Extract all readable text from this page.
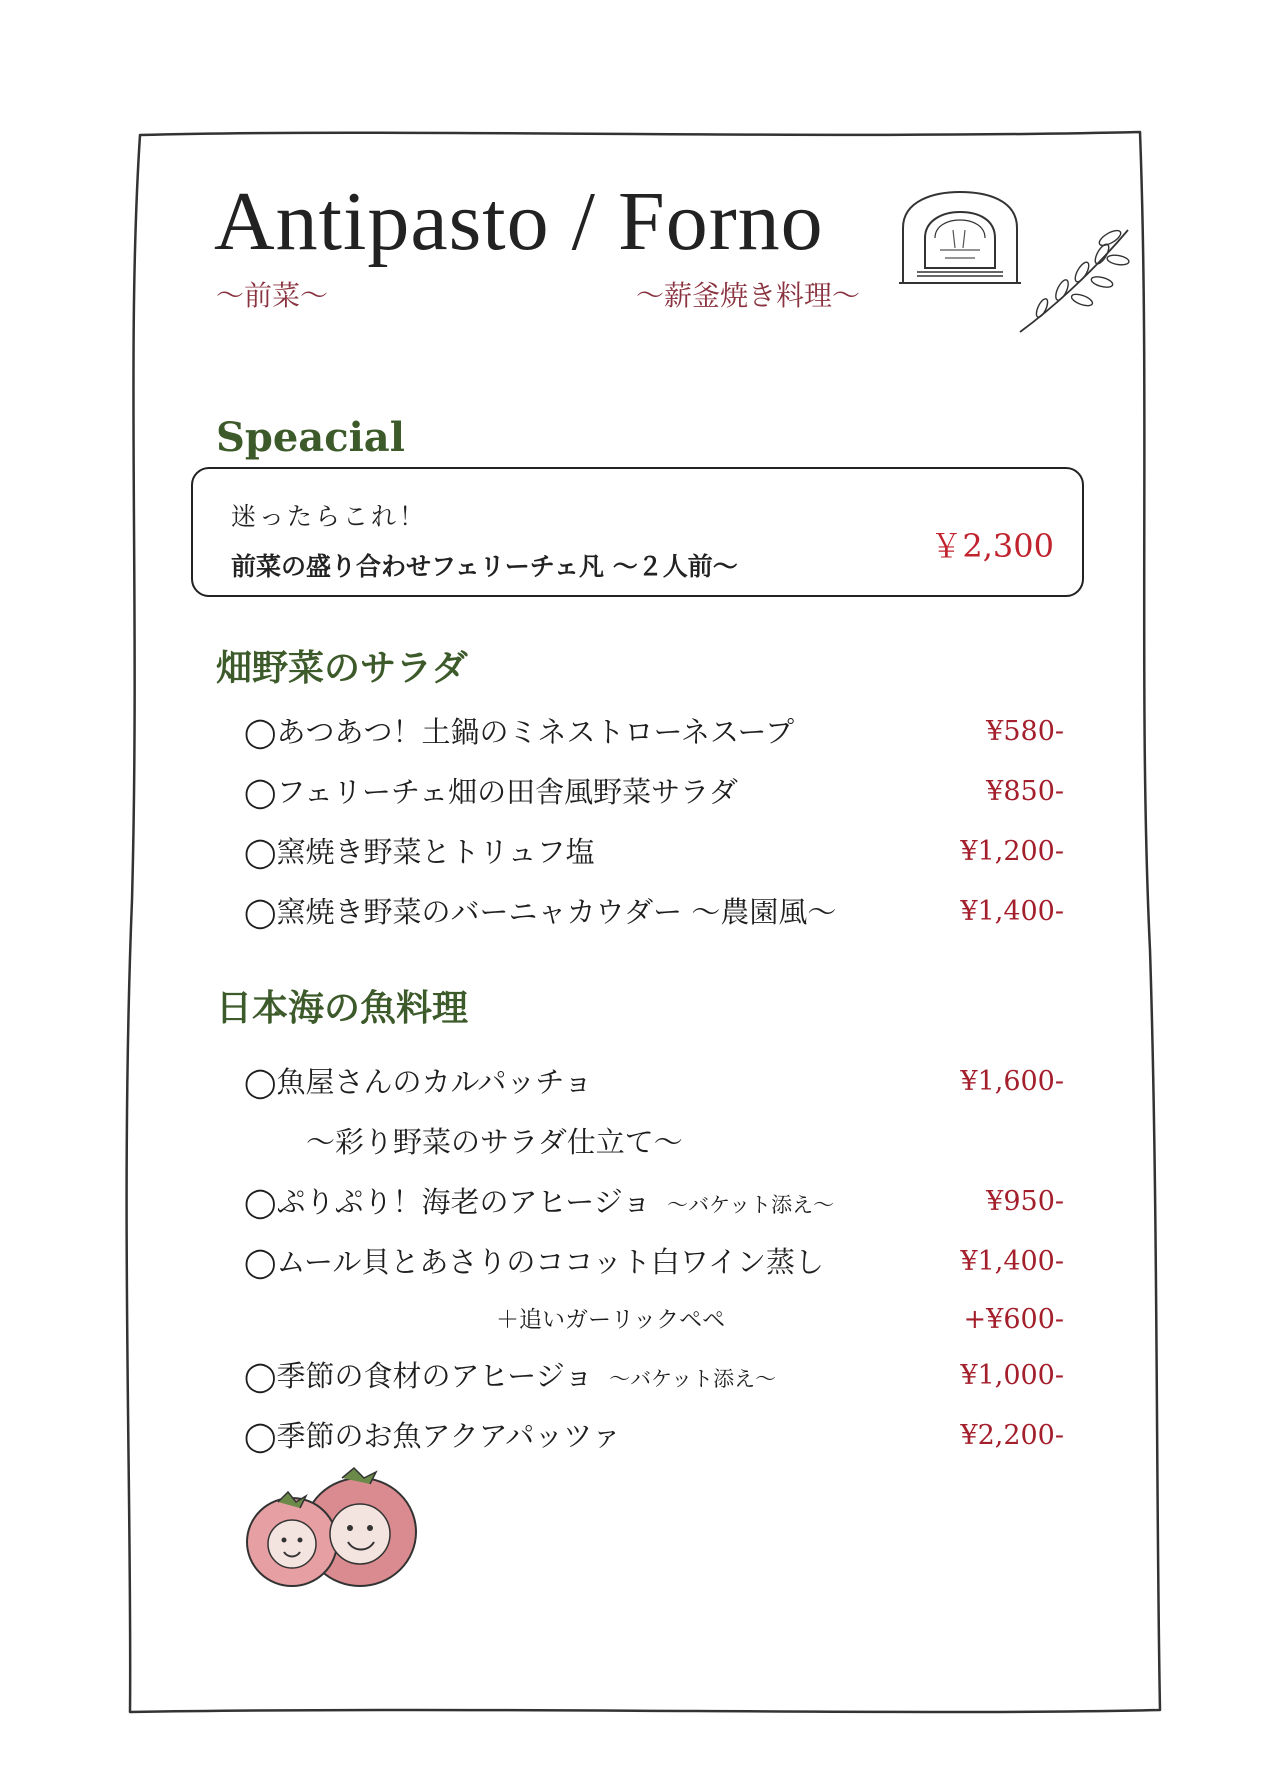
Antipasto / Forno
～前菜～	～薪釜焼き料理～
Speacial
迷ったらこれ！
前菜の盛り合わせフェリーチェ凡 ～２人前～
￥2,300
畑野菜のサラダ
◯あつあつ！土鍋のミネストローネスープ	¥580-
◯フェリーチェ畑の田舎風野菜サラダ	¥850-
◯窯焼き野菜とトリュフ塩	¥1,200-
◯窯焼き野菜のバーニャカウダー ～農園風～	¥1,400-
日本海の魚料理
◯魚屋さんのカルパッチョ	¥1,600-
～彩り野菜のサラダ仕立て～
◯ぷりぷり！海老のアヒージョ ～バケット添え～	¥950-
◯ムール貝とあさりのココット白ワイン蒸し	¥1,400-
＋追いガーリックペペ	+¥600-
◯季節の食材のアヒージョ ～バケット添え～	¥1,000-
◯季節のお魚アクアパッツァ	¥2,200-
